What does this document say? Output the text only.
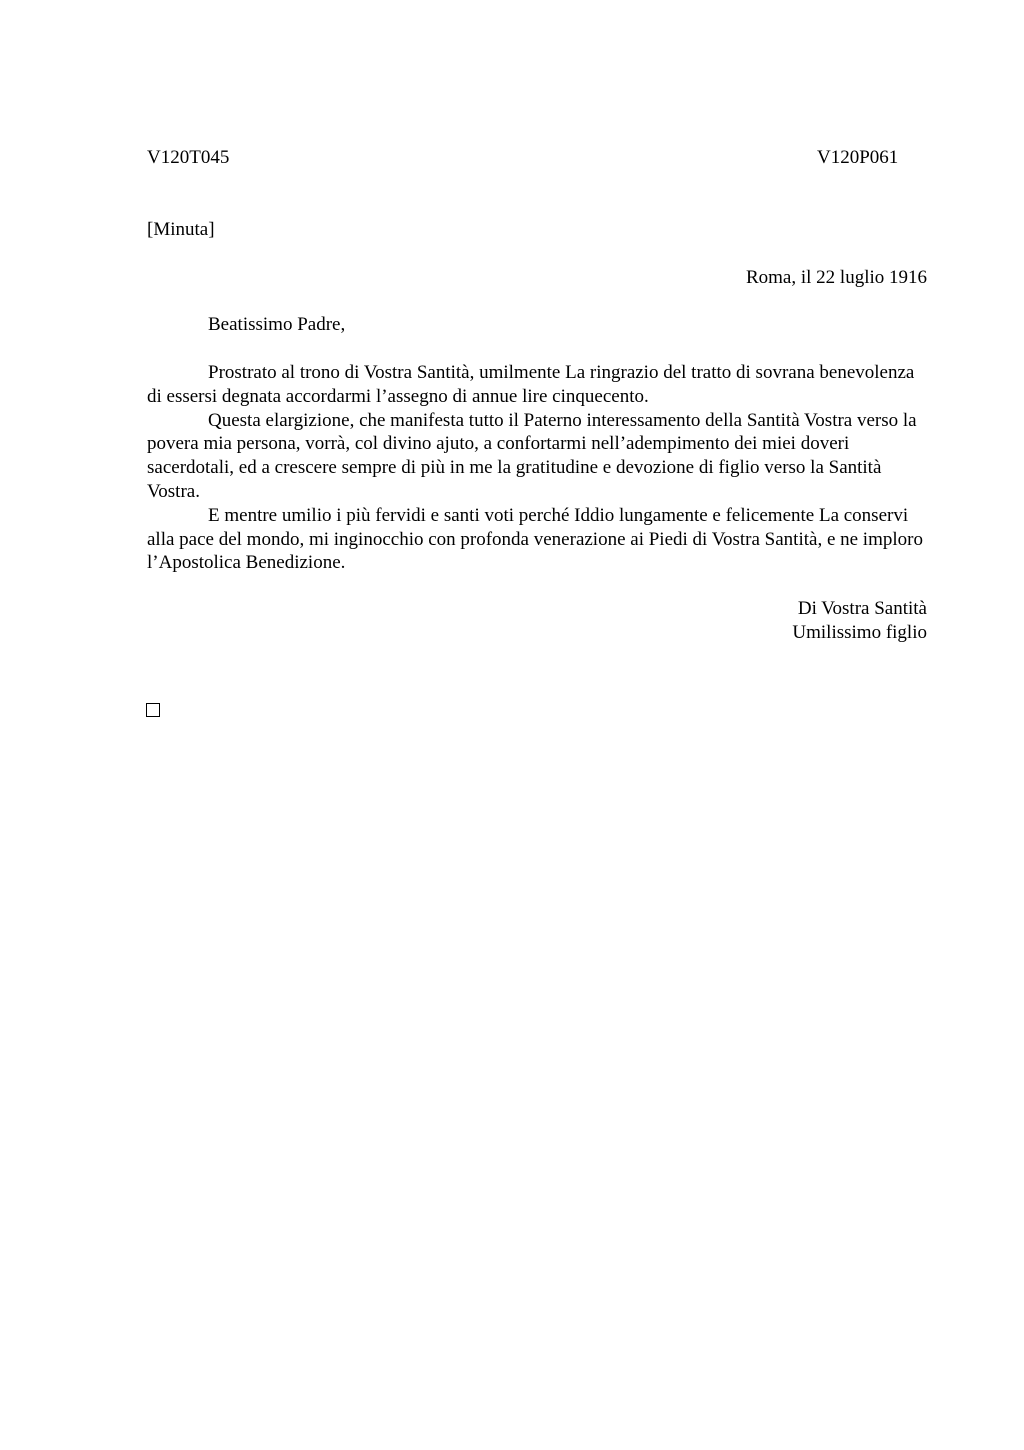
V120T045	V120P061
[Minuta]
Roma, il 22 luglio 1916
Beatissimo Padre,

Prostrato al trono di Vostra Santità, umilmente La ringrazio del tratto di sovrana benevolenza di essersi degnata accordarmi l’assegno di annue lire cinquecento.

Questa elargizione, che manifesta tutto il Paterno interessamento della Santità Vostra verso la povera mia persona, vorrà, col divino ajuto, a confortarmi nell’adempimento dei miei doveri sacerdotali, ed a crescere sempre di più in me la gratitudine e devozione di figlio verso la Santità Vostra.

E mentre umilio i più fervidi e santi voti perché Iddio lungamente e felicemente La conservi alla pace del mondo, mi inginocchio con profonda venerazione ai Piedi di Vostra Santità, e ne imploro l’Apostolica Benedizione.

Di Vostra Santità
Umilissimo figlio
